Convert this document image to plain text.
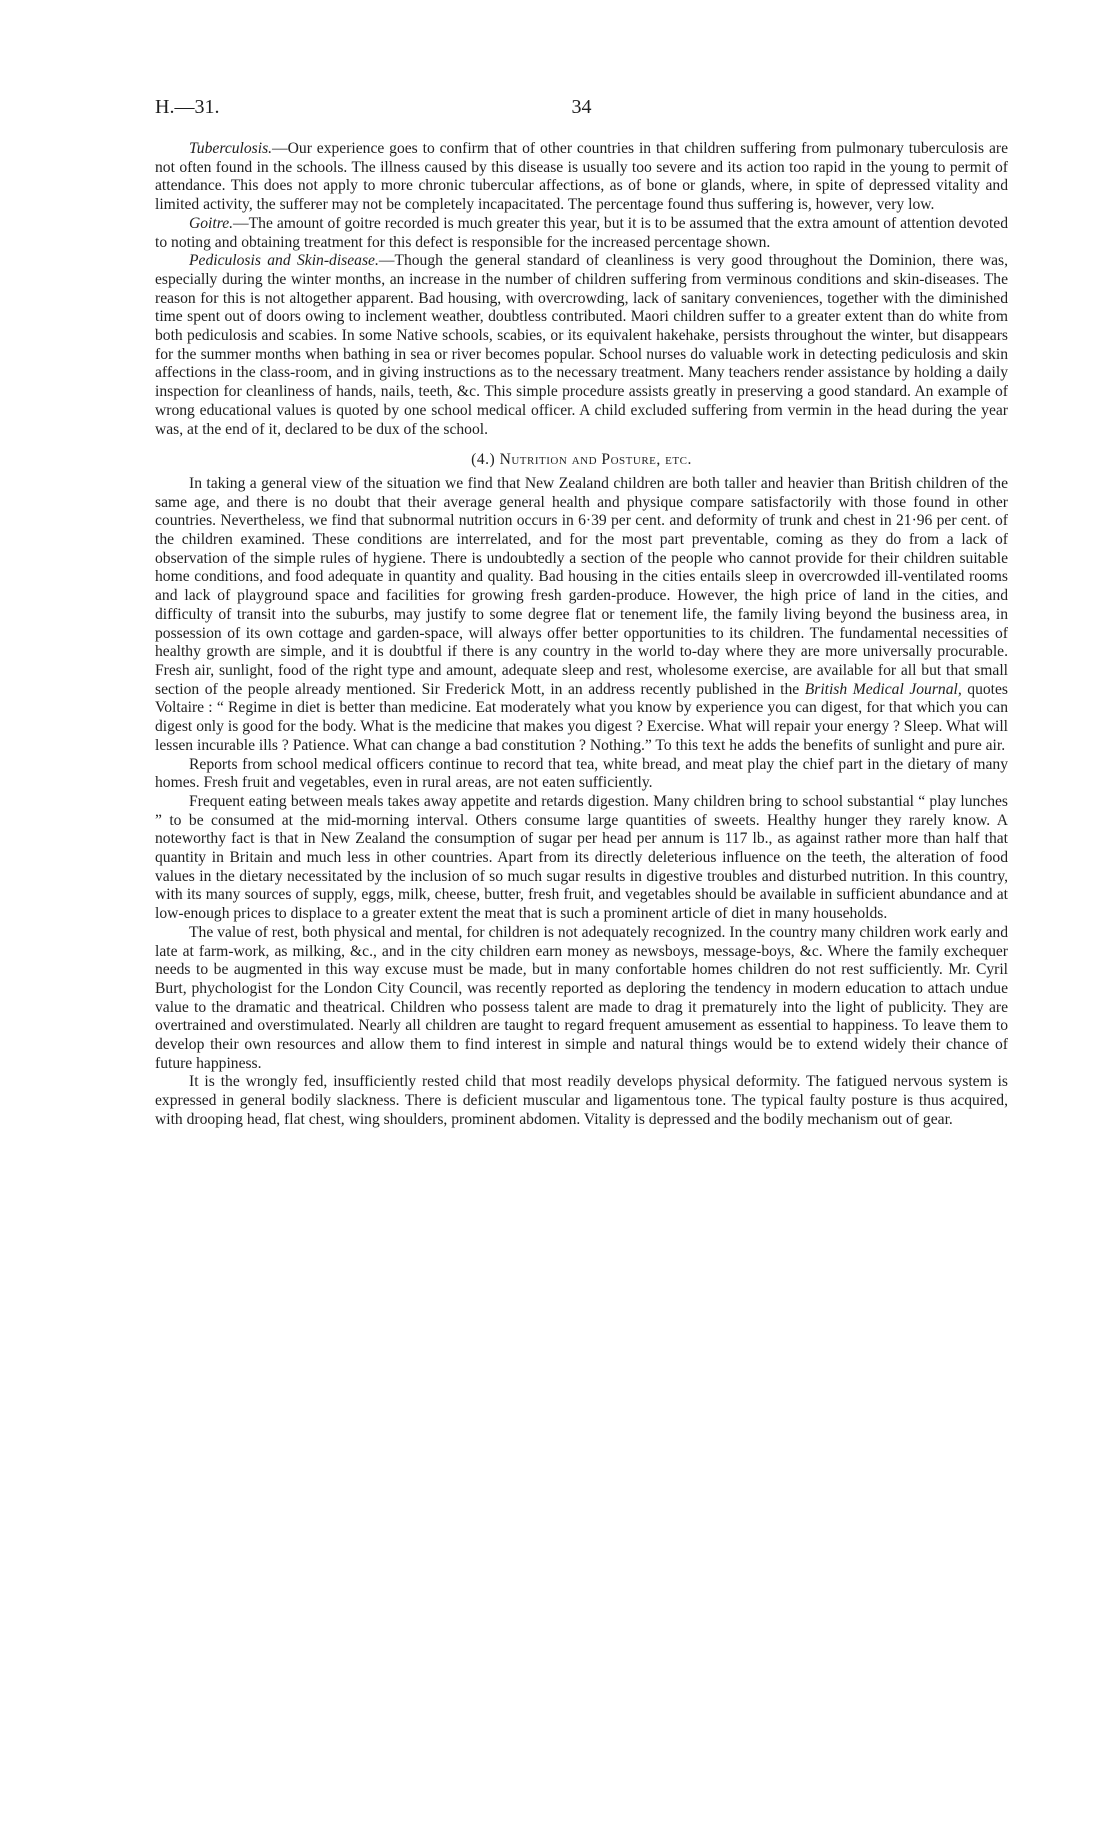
H.—31.	34

Tuberculosis.—Our experience goes to confirm that of other countries in that children suffering from pulmonary tuberculosis are not often found in the schools. The illness caused by this disease is usually too severe and its action too rapid in the young to permit of attendance. This does not apply to more chronic tubercular affections, as of bone or glands, where, in spite of depressed vitality and limited activity, the sufferer may not be completely incapacitated. The percentage found thus suffering is, however, very low.

Goitre.—The amount of goitre recorded is much greater this year, but it is to be assumed that the extra amount of attention devoted to noting and obtaining treatment for this defect is responsible for the increased percentage shown.

Pediculosis and Skin-disease.—Though the general standard of cleanliness is very good throughout the Dominion, there was, especially during the winter months, an increase in the number of children suffering from verminous conditions and skin-diseases. The reason for this is not altogether apparent. Bad housing, with overcrowding, lack of sanitary conveniences, together with the diminished time spent out of doors owing to inclement weather, doubtless contributed. Maori children suffer to a greater extent than do white from both pediculosis and scabies. In some Native schools, scabies, or its equivalent hakehake, persists throughout the winter, but disappears for the summer months when bathing in sea or river becomes popular. School nurses do valuable work in detecting pediculosis and skin affections in the class-room, and in giving instructions as to the necessary treatment. Many teachers render assistance by holding a daily inspection for cleanliness of hands, nails, teeth, &c. This simple procedure assists greatly in preserving a good standard. An example of wrong educational values is quoted by one school medical officer. A child excluded suffering from vermin in the head during the year was, at the end of it, declared to be dux of the school.

(4.) Nutrition and Posture, etc.

In taking a general view of the situation we find that New Zealand children are both taller and heavier than British children of the same age, and there is no doubt that their average general health and physique compare satisfactorily with those found in other countries. Nevertheless, we find that subnormal nutrition occurs in 6·39 per cent. and deformity of trunk and chest in 21·96 per cent. of the children examined. These conditions are interrelated, and for the most part preventable, coming as they do from a lack of observation of the simple rules of hygiene. There is undoubtedly a section of the people who cannot provide for their children suitable home conditions, and food adequate in quantity and quality. Bad housing in the cities entails sleep in overcrowded ill-ventilated rooms and lack of playground space and facilities for growing fresh garden-produce. However, the high price of land in the cities, and difficulty of transit into the suburbs, may justify to some degree flat or tenement life, the family living beyond the business area, in possession of its own cottage and garden-space, will always offer better opportunities to its children. The fundamental necessities of healthy growth are simple, and it is doubtful if there is any country in the world to-day where they are more universally procurable. Fresh air, sunlight, food of the right type and amount, adequate sleep and rest, wholesome exercise, are available for all but that small section of the people already mentioned. Sir Frederick Mott, in an address recently published in the British Medical Journal, quotes Voltaire : “ Regime in diet is better than medicine. Eat moderately what you know by experience you can digest, for that which you can digest only is good for the body. What is the medicine that makes you digest ? Exercise. What will repair your energy ? Sleep. What will lessen incurable ills ? Patience. What can change a bad constitution ? Nothing.” To this text he adds the benefits of sunlight and pure air.

Reports from school medical officers continue to record that tea, white bread, and meat play the chief part in the dietary of many homes. Fresh fruit and vegetables, even in rural areas, are not eaten sufficiently.

Frequent eating between meals takes away appetite and retards digestion. Many children bring to school substantial “ play lunches ” to be consumed at the mid-morning interval. Others consume large quantities of sweets. Healthy hunger they rarely know. A noteworthy fact is that in New Zealand the consumption of sugar per head per annum is 117 lb., as against rather more than half that quantity in Britain and much less in other countries. Apart from its directly deleterious influence on the teeth, the alteration of food values in the dietary necessitated by the inclusion of so much sugar results in digestive troubles and disturbed nutrition. In this country, with its many sources of supply, eggs, milk, cheese, butter, fresh fruit, and vegetables should be available in sufficient abundance and at low-enough prices to displace to a greater extent the meat that is such a prominent article of diet in many households.

The value of rest, both physical and mental, for children is not adequately recognized. In the country many children work early and late at farm-work, as milking, &c., and in the city children earn money as newsboys, message-boys, &c. Where the family exchequer needs to be augmented in this way excuse must be made, but in many confortable homes children do not rest sufficiently. Mr. Cyril Burt, phychologist for the London City Council, was recently reported as deploring the tendency in modern education to attach undue value to the dramatic and theatrical. Children who possess talent are made to drag it prematurely into the light of publicity. They are overtrained and overstimulated. Nearly all children are taught to regard frequent amusement as essential to happiness. To leave them to develop their own resources and allow them to find interest in simple and natural things would be to extend widely their chance of future happiness.

It is the wrongly fed, insufficiently rested child that most readily develops physical deformity. The fatigued nervous system is expressed in general bodily slackness. There is deficient muscular and ligamentous tone. The typical faulty posture is thus acquired, with drooping head, flat chest, wing shoulders, prominent abdomen. Vitality is depressed and the bodily mechanism out of gear.
